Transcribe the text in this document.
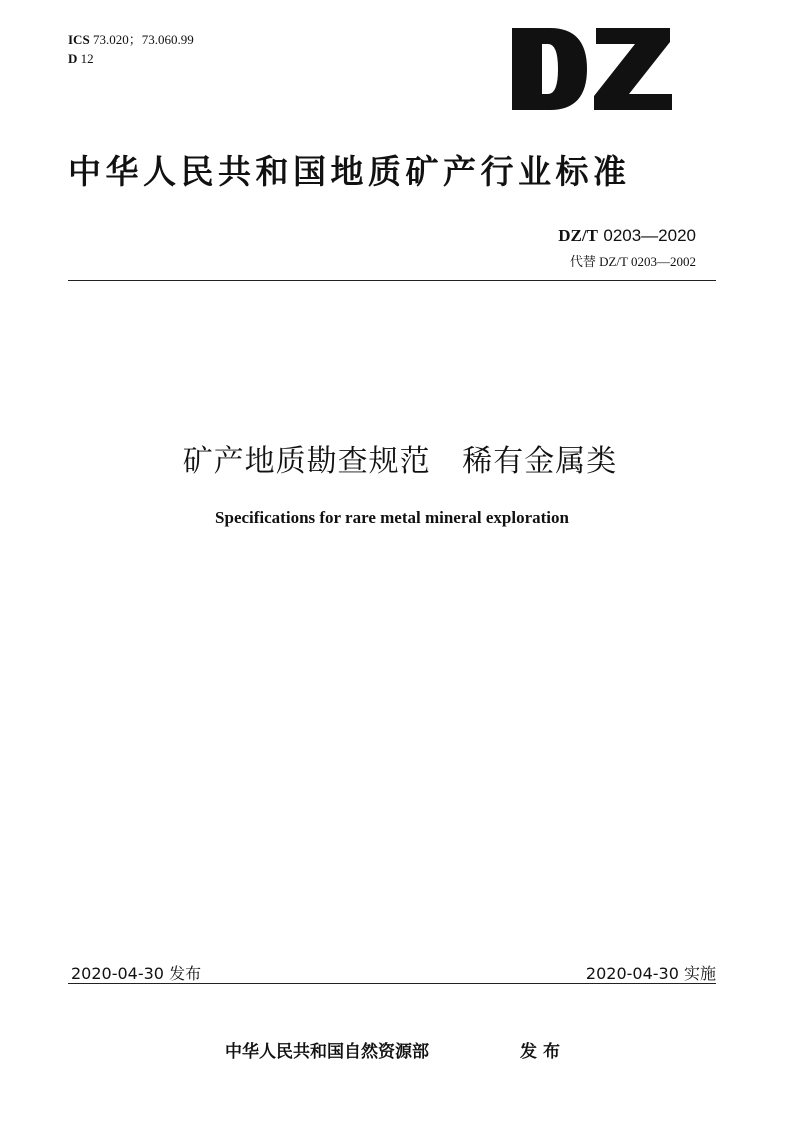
ICS 73.020；73.060.99
D 12
中华人民共和国地质矿产行业标准
DZ/T 0203—2020
代替 DZ/T 0203—2002
矿产地质勘查规范   稀有金属类
Specifications for rare metal mineral exploration
2020-04-30 发布	2020-04-30 实施
中华人民共和国自然资源部	发布
